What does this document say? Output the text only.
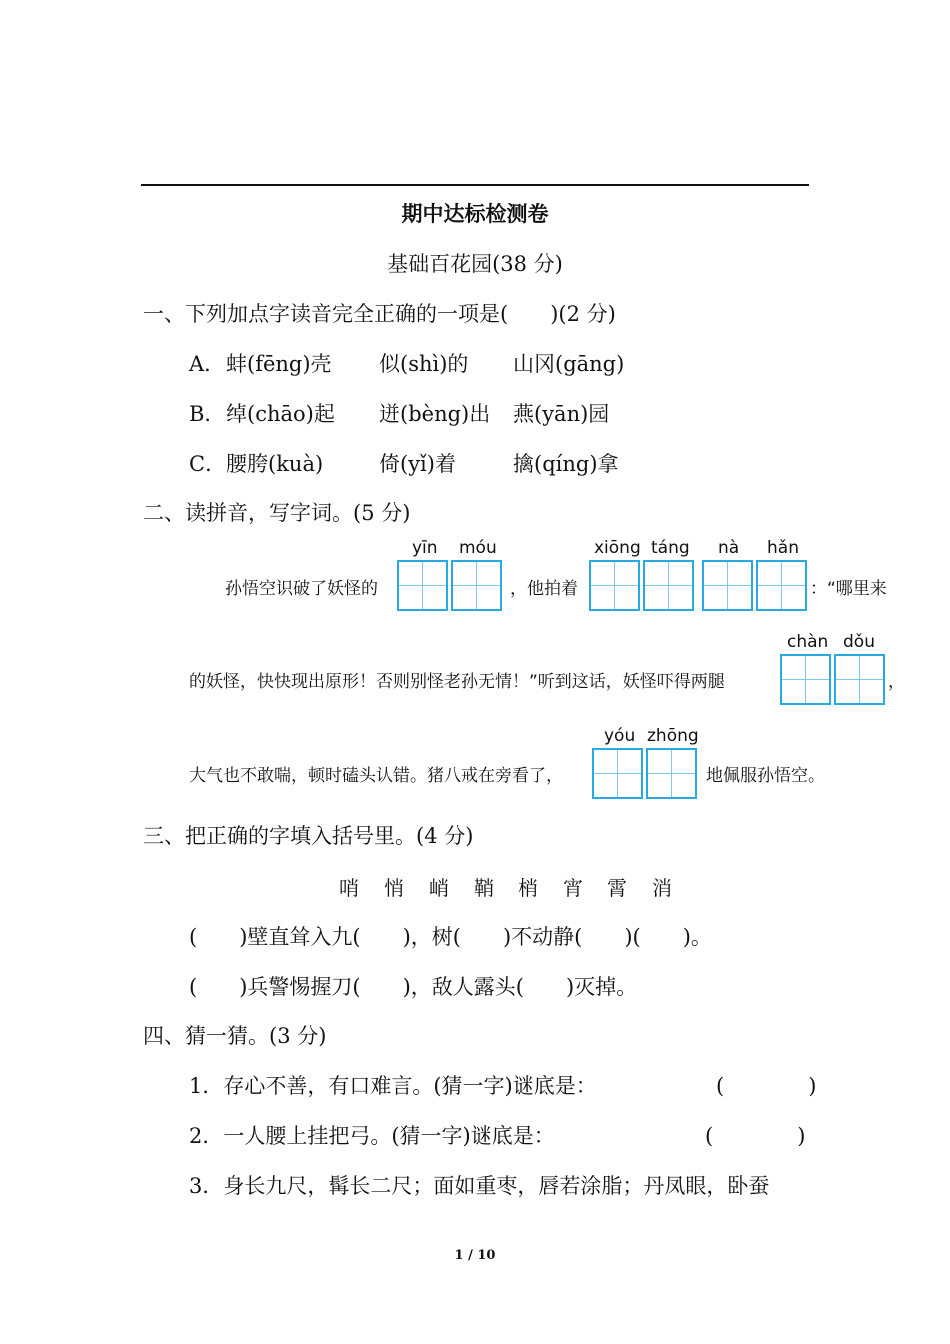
期中达标检测卷
基础百花园(38 分)
一、下列加点字读音完全正确的一项是(　　)(2 分)
A． 蚌(fēng)壳 似(shì)的 山冈(gāng)
B． 绰(chāo)起 迸(bèng)出 燕(yān)园
C． 腰胯(kuà)	倚(yǐ)着	擒(qíng)拿
二、读拼音，写字词。(5 分)
yīn móu	xiōng táng nà hǎn
孙悟空识破了妖怪的	，他拍着	：“哪里来
chàn dǒu
的妖怪，快快现出原形！否则别怪老孙无情！”听到这话，妖怪吓得两腿	，
yóu zhōng
大气也不敢喘，顿时磕头认错。猪八戒在旁看了，	地佩服孙悟空。
三、把正确的字填入括号里。(4 分)
哨 悄 峭 鞘 梢 宵 霄 消
(　　)壁直耸入九(　　)，树(　　)不动静(　　)(　　)。
(　　)兵警惕握刀(　　)，敌人露头(　　)灭掉。
四、猜一猜。(3 分)
1．存心不善，有口难言。(猜一字)谜底是：	(　　　　)
2．一人腰上挂把弓。(猜一字)谜底是：	(　　　　)
3．身长九尺，髯长二尺；面如重枣，唇若涂脂；丹凤眼，卧蚕
1 / 10
